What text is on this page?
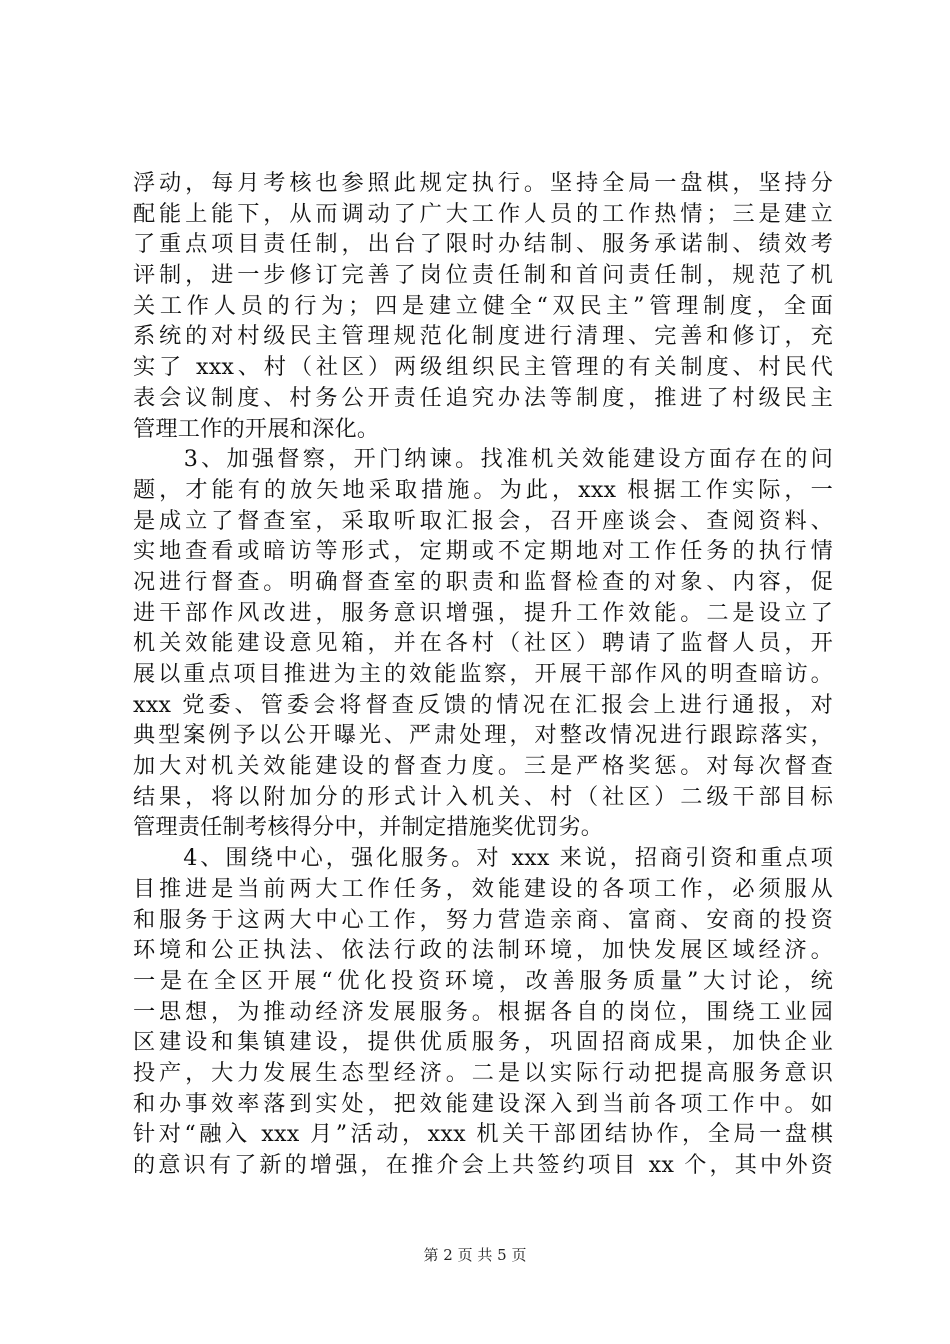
浮动，每月考核也参照此规定执行。坚持全局一盘棋，坚持分
配能上能下，从而调动了广大工作人员的工作热情；三是建立
了重点项目责任制，出台了限时办结制、服务承诺制、绩效考
评制，进一步修订完善了岗位责任制和首问责任制，规范了机
关工作人员的行为；四是建立健全“双民主”管理制度，全面
系统的对村级民主管理规范化制度进行清理、完善和修订，充
实了 xxx、村（社区）两级组织民主管理的有关制度、村民代
表会议制度、村务公开责任追究办法等制度，推进了村级民主
管理工作的开展和深化。
　　3、加强督察，开门纳谏。找准机关效能建设方面存在的问
题，才能有的放矢地采取措施。为此，xxx 根据工作实际，一
是成立了督查室，采取听取汇报会，召开座谈会、查阅资料、
实地查看或暗访等形式，定期或不定期地对工作任务的执行情
况进行督查。明确督查室的职责和监督检查的对象、内容，促
进干部作风改进，服务意识增强，提升工作效能。二是设立了
机关效能建设意见箱，并在各村（社区）聘请了监督人员，开
展以重点项目推进为主的效能监察，开展干部作风的明查暗访。
xxx 党委、管委会将督查反馈的情况在汇报会上进行通报，对
典型案例予以公开曝光、严肃处理，对整改情况进行跟踪落实，
加大对机关效能建设的督查力度。三是严格奖惩。对每次督查
结果，将以附加分的形式计入机关、村（社区）二级干部目标
管理责任制考核得分中，并制定措施奖优罚劣。
　　4、围绕中心，强化服务。对 xxx 来说，招商引资和重点项
目推进是当前两大工作任务，效能建设的各项工作，必须服从
和服务于这两大中心工作，努力营造亲商、富商、安商的投资
环境和公正执法、依法行政的法制环境，加快发展区域经济。
一是在全区开展“优化投资环境，改善服务质量”大讨论，统
一思想，为推动经济发展服务。根据各自的岗位，围绕工业园
区建设和集镇建设，提供优质服务，巩固招商成果，加快企业
投产，大力发展生态型经济。二是以实际行动把提高服务意识
和办事效率落到实处，把效能建设深入到当前各项工作中。如
针对“融入 xxx 月”活动，xxx 机关干部团结协作，全局一盘棋
的意识有了新的增强，在推介会上共签约项目 xx 个，其中外资
第 2 页 共 5 页
